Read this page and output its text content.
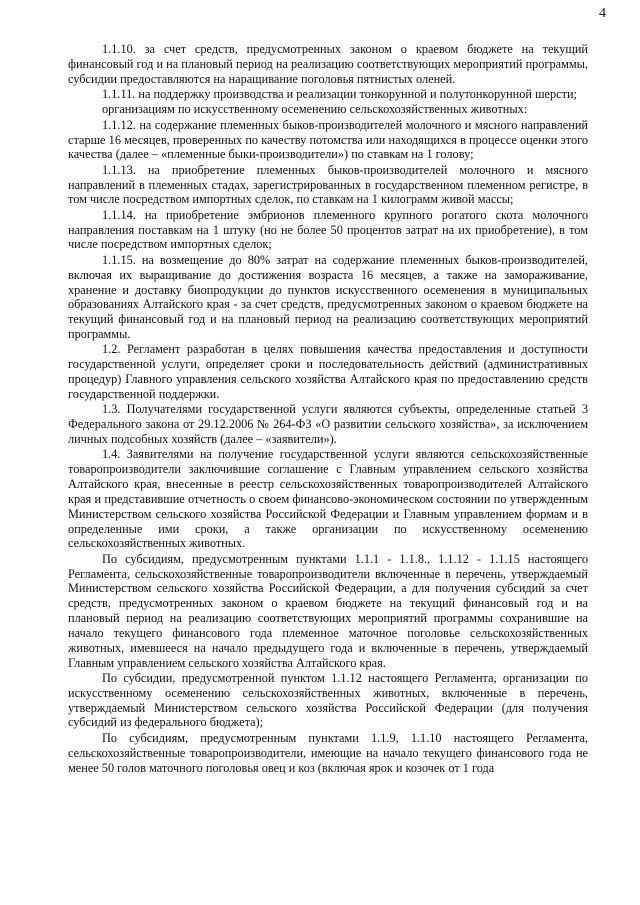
4

1.1.10. за счет средств, предусмотренных законом о краевом бюджете на текущий финансовый год и на плановый период на реализацию соответствующих мероприятий программы, субсидии предоставляются на наращивание поголовья пятнистых оленей.

1.1.11. на поддержку производства и реализации тонкорунной и полутонкорунной шерсти;

организациям по искусственному осеменению сельскохозяйственных животных:

1.1.12. на содержание племенных быков-производителей молочного и мясного направлений старше 16 месяцев, проверенных по качеству потомства или находящихся в процессе оценки этого качества (далее – «племенные быки-производители») по ставкам на 1 голову;

1.1.13. на приобретение племенных быков-производителей молочного и мясного направлений в племенных стадах, зарегистрированных в государственном племенном регистре, в том числе посредством импортных сделок, по ставкам на 1 килограмм живой массы;

1.1.14. на приобретение эмбрионов племенного крупного рогатого скота молочного направления поставкам на 1 штуку (но не более 50 процентов затрат на их приобретение), в том числе посредством импортных сделок;

1.1.15. на возмещение до 80% затрат на содержание племенных быков-производителей, включая их выращивание до достижения возраста 16 месяцев, а также на замораживание, хранение и доставку биопродукции до пунктов искусственного осеменения в муниципальных образованиях Алтайского края - за счет средств, предусмотренных законом о краевом бюджете на текущий финансовый год и на плановый период на реализацию соответствующих мероприятий программы.

1.2. Регламент разработан в целях повышения качества предоставления и доступности государственной услуги, определяет сроки и последовательность действий (административных процедур) Главного управления сельского хозяйства Алтайского края по предоставлению средств государственной поддержки.

1.3. Получателями государственной услуги являются субъекты, определенные статьей 3 Федерального закона от 29.12.2006 № 264-ФЗ «О развитии сельского хозяйства», за исключением личных подсобных хозяйств (далее – «заявители»).

1.4. Заявителями на получение государственной услуги являются сельскохозяйственные товаропроизводители заключившие соглашение с Главным управлением сельского хозяйства Алтайского края, внесенные в реестр сельскохозяйственных товаропроизводителей Алтайского края и представившие отчетность о своем финансово-экономическом состоянии по утвержденным Министерством сельского хозяйства Российской Федерации и Главным управлением формам и в определенные ими сроки, а также организации по искусственному осеменению сельскохозяйственных животных.

По субсидиям, предусмотренным пунктами 1.1.1 - 1.1.8., 1.1.12 - 1.1.15 настоящего Регламента, сельскохозяйственные товаропроизводители включенные в перечень, утверждаемый Министерством сельского хозяйства Российской Федерации, а для получения субсидий за счет средств, предусмотренных законом о краевом бюджете на текущий финансовый год и на плановый период на реализацию соответствующих мероприятий программы сохранившие на начало текущего финансового года племенное маточное поголовье сельскохозяйственных животных, имевшееся на начало предыдущего года и включенные в перечень, утверждаемый Главным управлением сельского хозяйства Алтайского края.

По субсидии, предусмотренной пунктом 1.1.12 настоящего Регламента, организации по искусственному осеменению сельскохозяйственных животных, включенные в перечень, утверждаемый Министерством сельского хозяйства Российской Федерации (для получения субсидий из федерального бюджета);

По субсидиям, предусмотренным пунктами 1.1.9, 1.1.10 настоящего Регламента, сельскохозяйственные товаропроизводители, имеющие на начало текущего финансового года не менее 50 голов маточного поголовья овец и коз (включая ярок и козочек от 1 года
